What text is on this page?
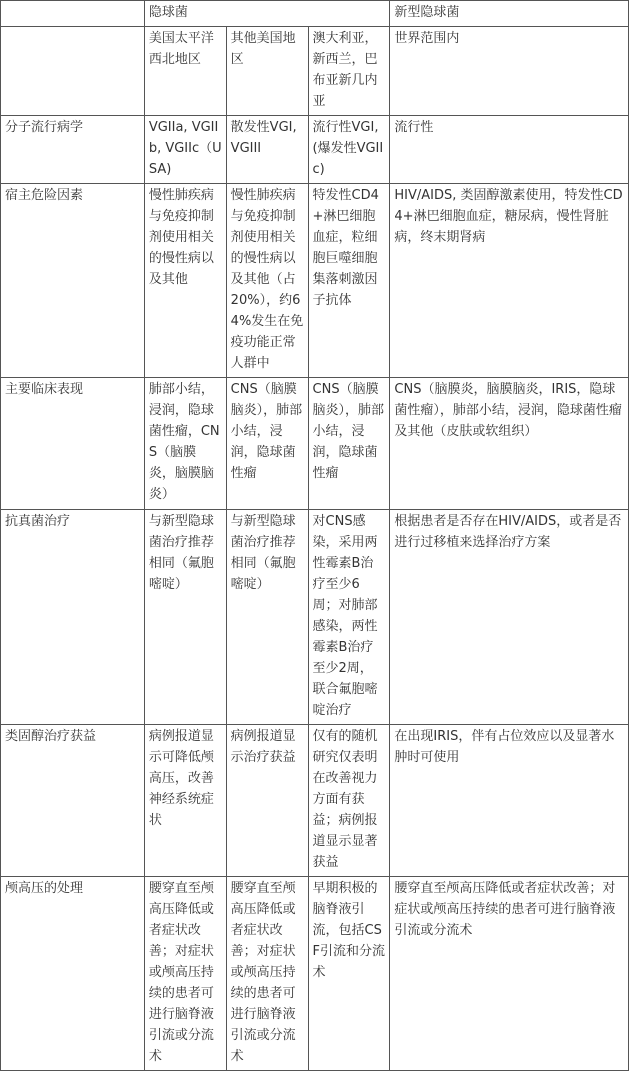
	隐球菌			新型隐球菌
	美国太平洋西北地区	其他美国地区	澳大利亚，新西兰，巴布亚新几内亚	世界范围内
分子流行病学	VGIIa, VGIIb, VGIIc（USA)	散发性VGI,VGIII	流行性VGI, (爆发性VGIIc)	流行性
宿主危险因素	慢性肺疾病与免疫抑制剂使用相关的慢性病以及其他	慢性肺疾病与免疫抑制剂使用相关的慢性病以及其他（占20%），约64%发生在免疫功能正常人群中	特发性CD4+淋巴细胞血症，粒细胞巨噬细胞集落刺激因子抗体	HIV/AIDS, 类固醇激素使用，特发性CD4+淋巴细胞血症，糖尿病，慢性肾脏病，终末期肾病
主要临床表现	肺部小结，浸润，隐球菌性瘤，CNS（脑膜炎，脑膜脑炎）	CNS（脑膜脑炎），肺部小结，浸润，隐球菌性瘤	CNS（脑膜脑炎），肺部小结，浸润，隐球菌性瘤	CNS（脑膜炎，脑膜脑炎，IRIS，隐球菌性瘤），肺部小结，浸润，隐球菌性瘤及其他（皮肤或软组织）
抗真菌治疗	与新型隐球菌治疗推荐相同（氟胞嘧啶）	与新型隐球菌治疗推荐相同（氟胞嘧啶）	对CNS感染，采用两性霉素B治疗至少6周；对肺部感染，两性霉素B治疗至少2周，联合氟胞嘧啶治疗	根据患者是否存在HIV/AIDS，或者是否进行过移植来选择治疗方案
类固醇治疗获益	病例报道显示可降低颅高压，改善神经系统症状	病例报道显示治疗获益	仅有的随机研究仅表明在改善视力方面有获益；病例报道显示显著获益	在出现IRIS，伴有占位效应以及显著水肿时可使用
颅高压的处理	腰穿直至颅高压降低或者症状改善；对症状或颅高压持续的患者可进行脑脊液引流或分流术	腰穿直至颅高压降低或者症状改善；对症状或颅高压持续的患者可进行脑脊液引流或分流术	早期积极的脑脊液引流，包括CSF引流和分流术	腰穿直至颅高压降低或者症状改善；对症状或颅高压持续的患者可进行脑脊液引流或分流术
